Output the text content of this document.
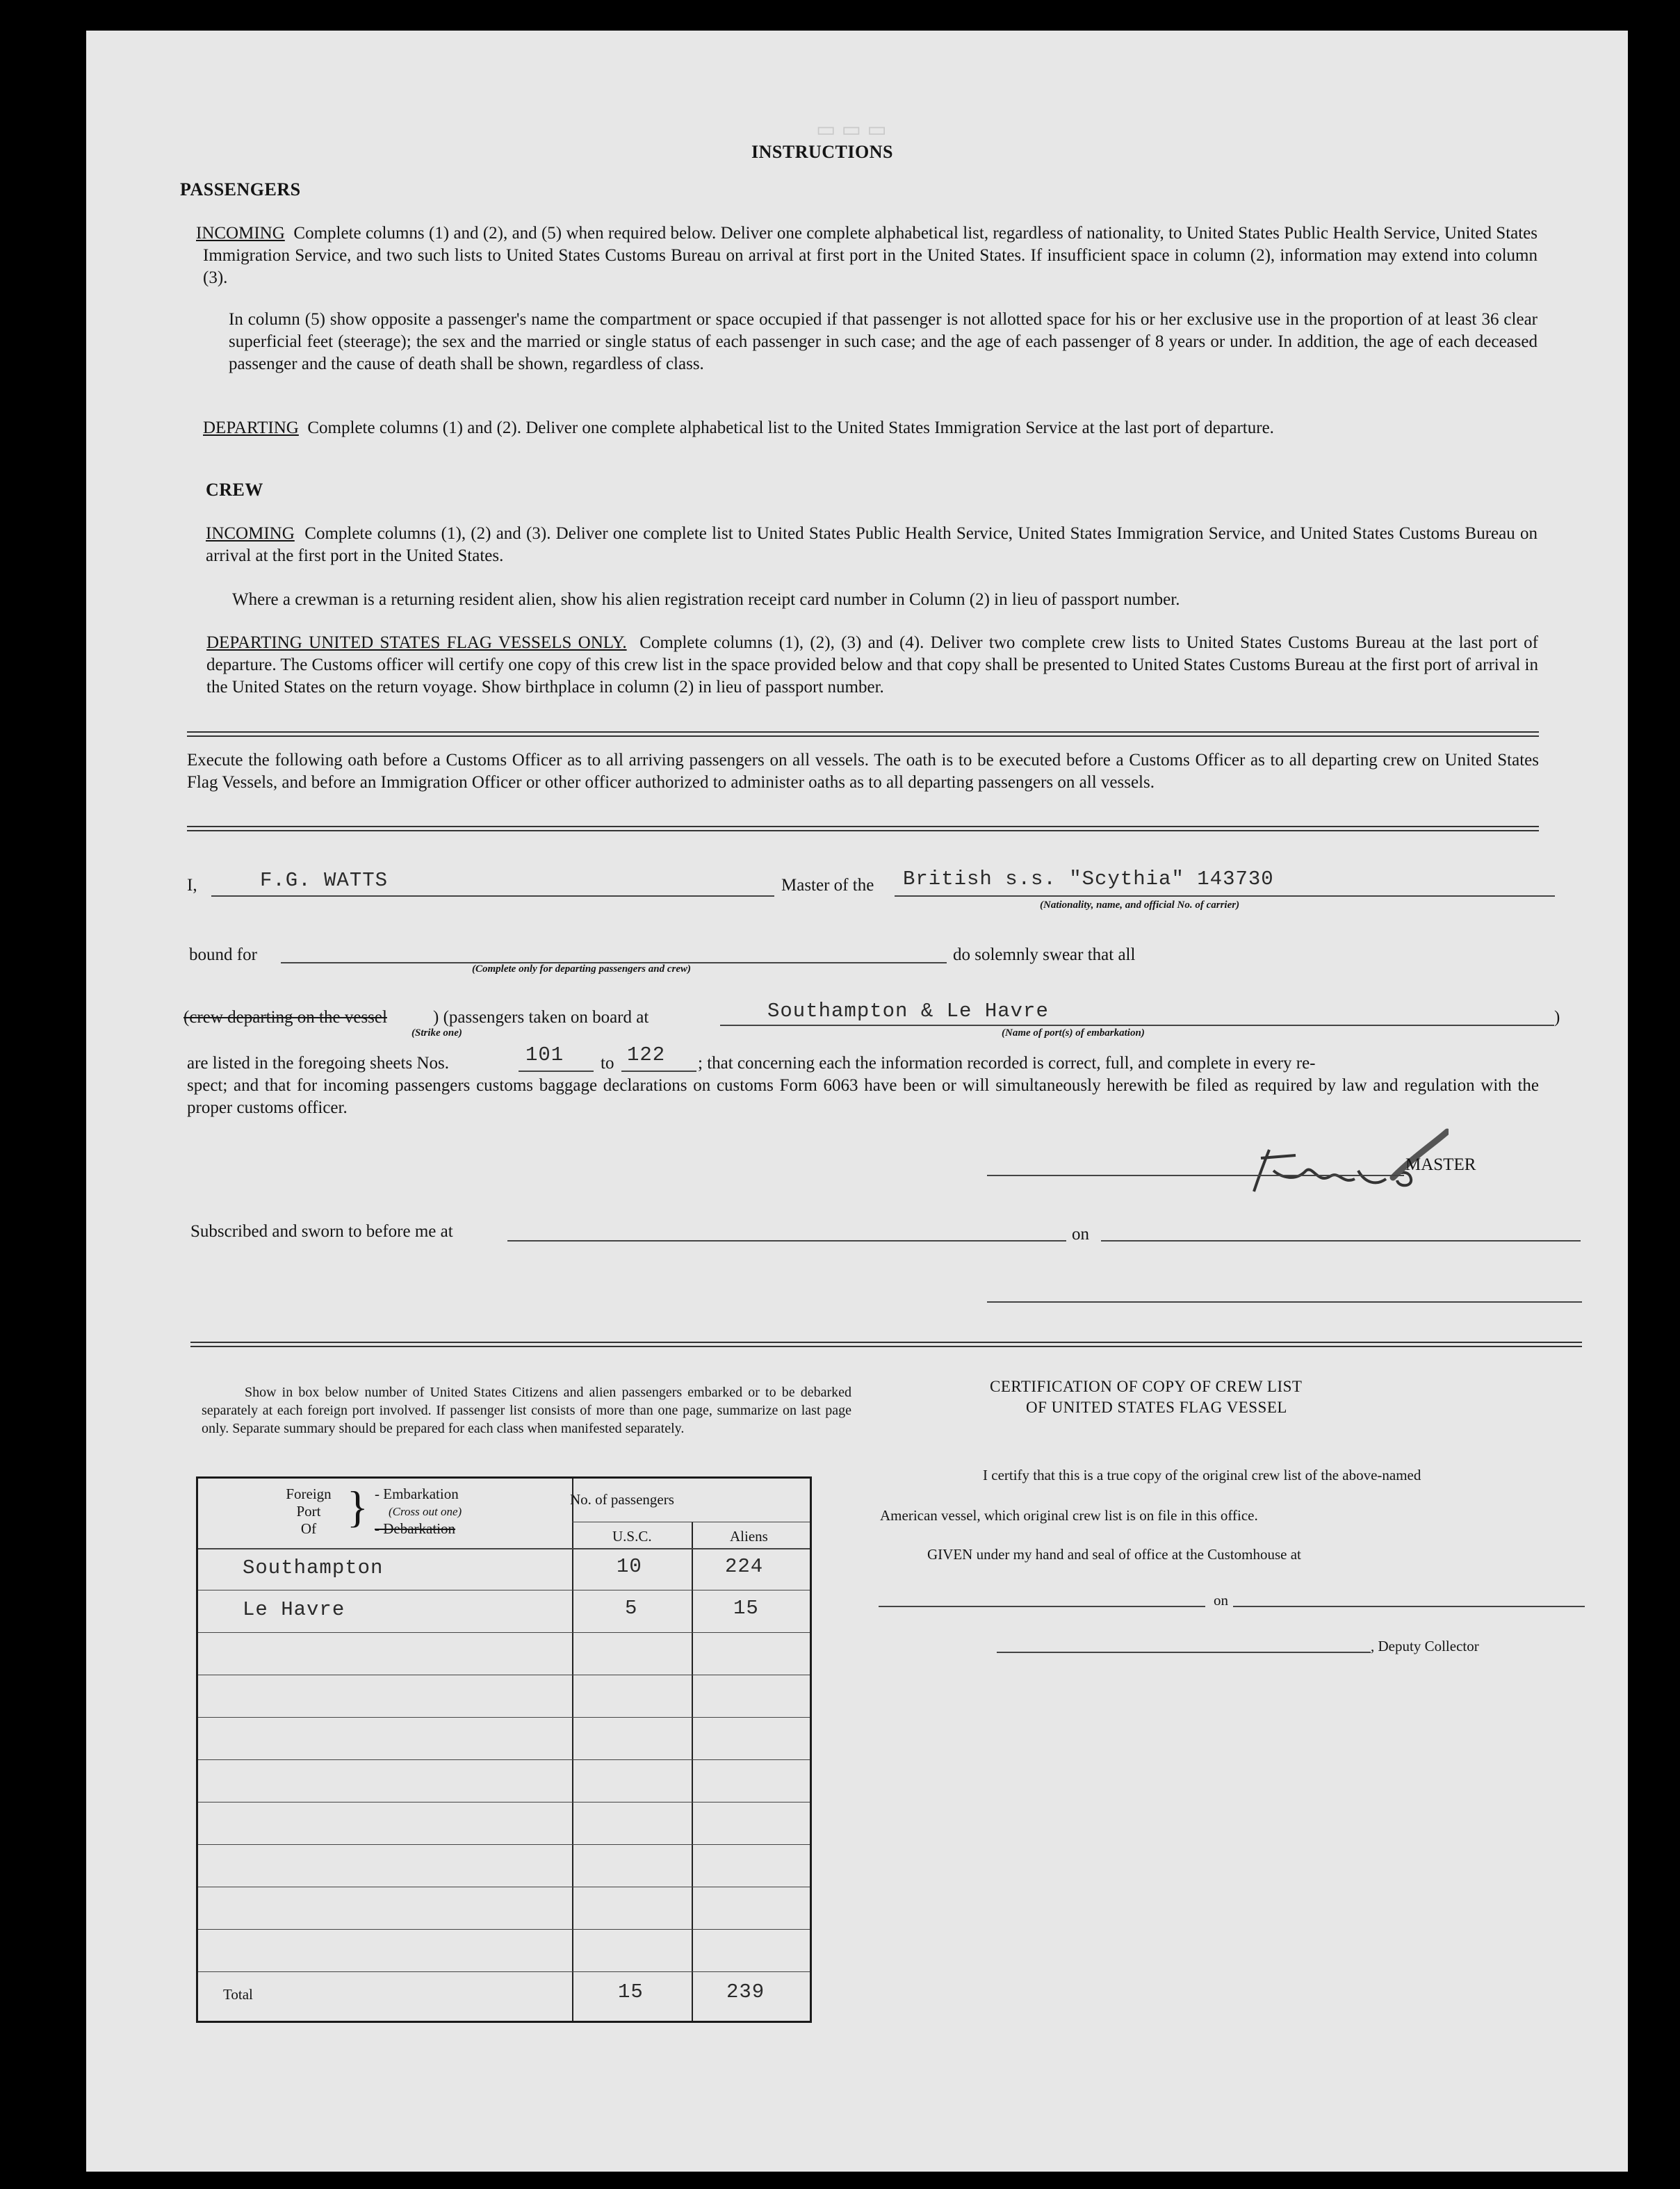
▭ ▭ ▭
INSTRUCTIONS
PASSENGERS
INCOMING Complete columns (1) and (2), and (5) when required below. Deliver one complete alphabetical list, regardless of nationality, to United States Public Health Service, United States Immigration Service, and two such lists to United States Customs Bureau on arrival at first port in the United States. If insufficient space in column (2), information may extend into column (3).
In column (5) show opposite a passenger's name the compartment or space occupied if that passenger is not allotted space for his or her exclusive use in the proportion of at least 36 clear superficial feet (steerage); the sex and the married or single status of each passenger in such case; and the age of each passenger of 8 years or under. In addition, the age of each deceased passenger and the cause of death shall be shown, regardless of class.
DEPARTING Complete columns (1) and (2). Deliver one complete alphabetical list to the United States Immigration Service at the last port of departure.
CREW
INCOMING Complete columns (1), (2) and (3). Deliver one complete list to United States Public Health Service, United States Immigration Service, and United States Customs Bureau on arrival at the first port in the United States.
Where a crewman is a returning resident alien, show his alien registration receipt card number in Column (2) in lieu of passport number.
DEPARTING UNITED STATES FLAG VESSELS ONLY. Complete columns (1), (2), (3) and (4). Deliver two complete crew lists to United States Customs Bureau at the last port of departure. The Customs officer will certify one copy of this crew list in the space provided below and that copy shall be presented to United States Customs Bureau at the first port of arrival in the United States on the return voyage. Show birthplace in column (2) in lieu of passport number.
Execute the following oath before a Customs Officer as to all arriving passengers on all vessels. The oath is to be executed before a Customs Officer as to all departing crew on United States Flag Vessels, and before an Immigration Officer or other officer authorized to administer oaths as to all departing passengers on all vessels.
I,	F.G. WATTS	Master of the British s.s. "Scythia" 143730
(Nationality, name, and official No. of carrier)
bound for
(Complete only for departing passengers and crew)
do solemnly swear that all
(crew departing on the vessel
(Strike one)
) (passengers taken on board at	Southampton & Le Havre
(Name of port(s) of embarkation)
)
are listed in the foregoing sheets Nos.	101 to 122 ; that concerning each the information recorded is correct, full, and complete in every re-
spect; and that for incoming passengers customs baggage declarations on customs Form 6063 have been or will simultaneously herewith be filed as required by law and regulation with the proper customs officer.
MASTER
Subscribed and sworn to before me at	on
Show in box below number of United States Citizens and alien passengers embarked or to be debarked separately at each foreign port involved. If passenger list consists of more than one page, summarize on last page only. Separate summary should be prepared for each class when manifested separately.
Foreign
Port
Of } - Embarkation
(Cross out one)
- Debarkation
No. of passengers
U.S.C.	Aliens
Southampton	10	224
Le Havre	5	15
Total	15	239
CERTIFICATION OF COPY OF CREW LIST
OF UNITED STATES FLAG VESSEL
I certify that this is a true copy of the original crew list of the above-named
American vessel, which original crew list is on file in this office.
GIVEN under my hand and seal of office at the Customhouse at
on
, Deputy Collector
